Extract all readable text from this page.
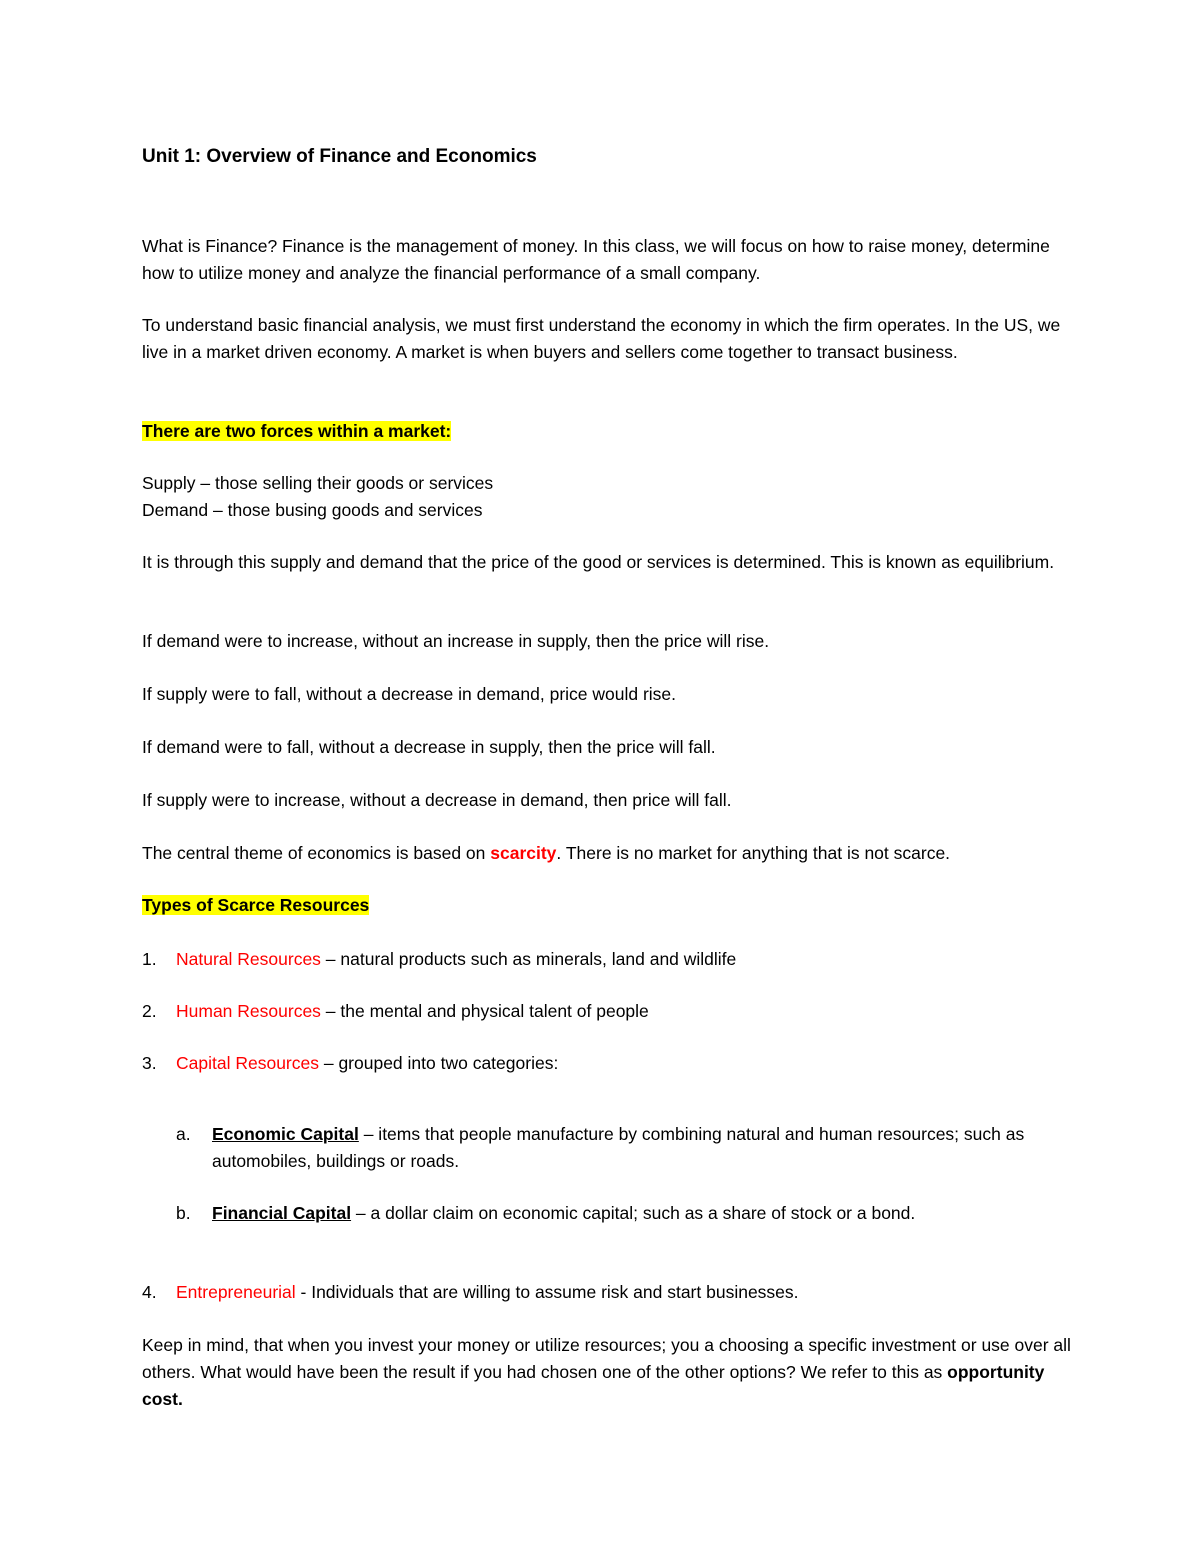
Unit 1: Overview of Finance and Economics

What is Finance? Finance is the management of money. In this class, we will focus on how to raise money, determine how to utilize money and analyze the financial performance of a small company.

To understand basic financial analysis, we must first understand the economy in which the firm operates. In the US, we live in a market driven economy. A market is when buyers and sellers come together to transact business.

There are two forces within a market:

Supply – those selling their goods or services

Demand – those busing goods and services

It is through this supply and demand that the price of the good or services is determined. This is known as equilibrium.

If demand were to increase, without an increase in supply, then the price will rise.

If supply were to fall, without a decrease in demand, price would rise.

If demand were to fall, without a decrease in supply, then the price will fall.

If supply were to increase, without a decrease in demand, then price will fall.

The central theme of economics is based on scarcity. There is no market for anything that is not scarce.

Types of Scarce Resources

1. Natural Resources – natural products such as minerals, land and wildlife
2. Human Resources – the mental and physical talent of people
3. Capital Resources – grouped into two categories:
a. Economic Capital – items that people manufacture by combining natural and human resources; such as automobiles, buildings or roads.
b. Financial Capital – a dollar claim on economic capital; such as a share of stock or a bond.
4. Entrepreneurial - Individuals that are willing to assume risk and start businesses.

Keep in mind, that when you invest your money or utilize resources; you a choosing a specific investment or use over all others. What would have been the result if you had chosen one of the other options? We refer to this as opportunity cost.
